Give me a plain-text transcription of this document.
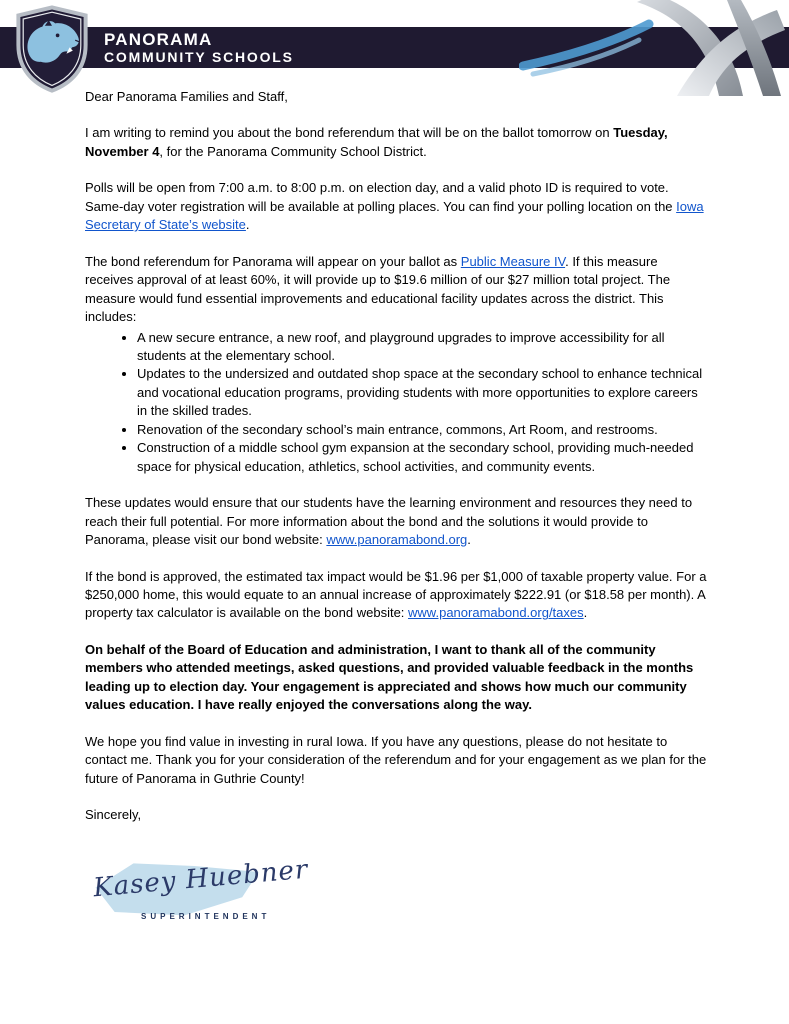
PANORAMA
COMMUNITY SCHOOLS

Dear Panorama Families and Staff,

I am writing to remind you about the bond referendum that will be on the ballot tomorrow on Tuesday, November 4, for the Panorama Community School District.

Polls will be open from 7:00 a.m. to 8:00 p.m. on election day, and a valid photo ID is required to vote. Same-day voter registration will be available at polling places. You can find your polling location on the Iowa Secretary of State’s website.

The bond referendum for Panorama will appear on your ballot as Public Measure IV. If this measure receives approval of at least 60%, it will provide up to $19.6 million of our $27 million total project. The measure would fund essential improvements and educational facility updates across the district. This includes:

• A new secure entrance, a new roof, and playground upgrades to improve accessibility for all students at the elementary school.
• Updates to the undersized and outdated shop space at the secondary school to enhance technical and vocational education programs, providing students with more opportunities to explore careers in the skilled trades.
• Renovation of the secondary school’s main entrance, commons, Art Room, and restrooms.
• Construction of a middle school gym expansion at the secondary school, providing much-needed space for physical education, athletics, school activities, and community events.

These updates would ensure that our students have the learning environment and resources they need to reach their full potential. For more information about the bond and the solutions it would provide to Panorama, please visit our bond website: www.panoramabond.org.

If the bond is approved, the estimated tax impact would be $1.96 per $1,000 of taxable property value. For a $250,000 home, this would equate to an annual increase of approximately $222.91 (or $18.58 per month). A property tax calculator is available on the bond website: www.panoramabond.org/taxes.

On behalf of the Board of Education and administration, I want to thank all of the community members who attended meetings, asked questions, and provided valuable feedback in the months leading up to election day. Your engagement is appreciated and shows how much our community values education. I have really enjoyed the conversations along the way.

We hope you find value in investing in rural Iowa. If you have any questions, please do not hesitate to contact me. Thank you for your consideration of the referendum and for your engagement as we plan for the future of Panorama in Guthrie County!

Sincerely,

Kasey Huebner
SUPERINTENDENT
